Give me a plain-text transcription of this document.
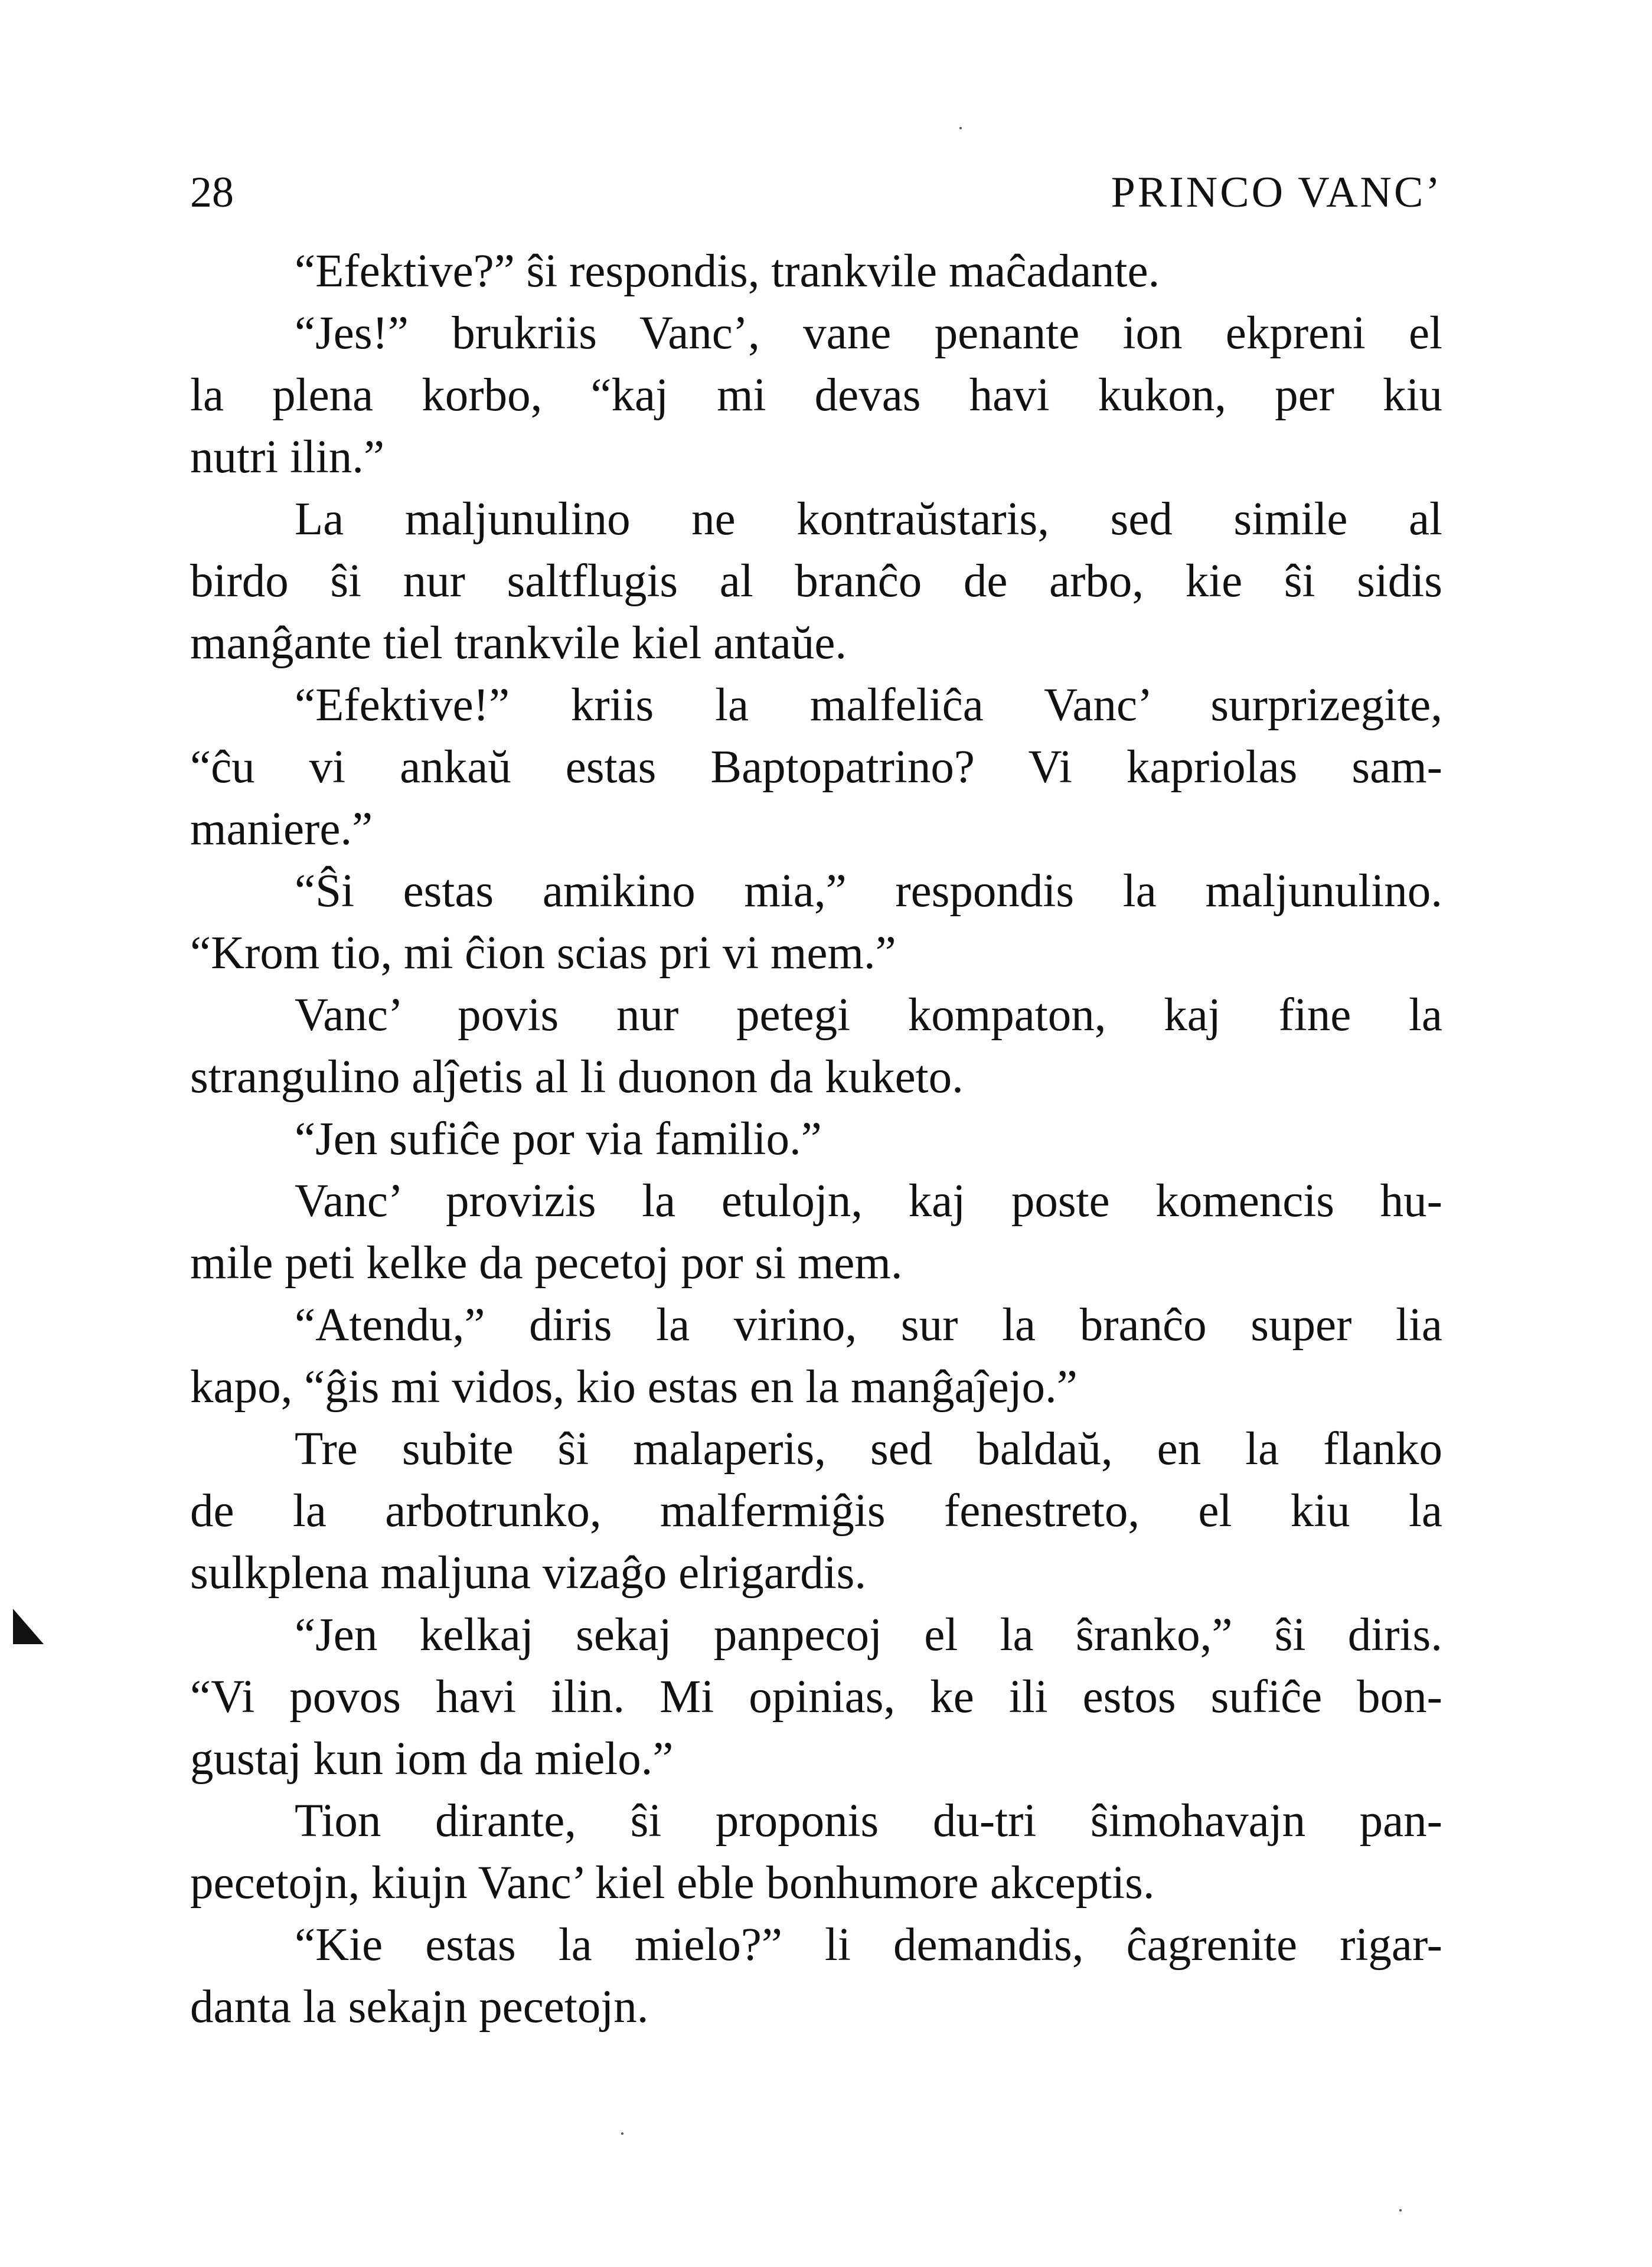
28	PRINCO VANC’
“Efektive?” ŝi respondis, trankvile maĉadante.
“Jes!” brukriis Vanc’, vane penante ion ekpreni el
la plena korbo, “kaj mi devas havi kukon, per kiu
nutri ilin.”
La maljunulino ne kontraŭstaris, sed simile al
birdo ŝi nur saltflugis al branĉo de arbo, kie ŝi sidis
manĝante tiel trankvile kiel antaŭe.
“Efektive!” kriis la malfeliĉa Vanc’ surprizegite,
“ĉu vi ankaŭ estas Baptopatrino? Vi kapriolas sam-
maniere.”
“Ŝi estas amikino mia,” respondis la maljunulino.
“Krom tio, mi ĉion scias pri vi mem.”
Vanc’ povis nur petegi kompaton, kaj fine la
strangulino alĵetis al li duonon da kuketo.
“Jen sufiĉe por via familio.”
Vanc’ provizis la etulojn, kaj poste komencis hu-
mile peti kelke da pecetoj por si mem.
“Atendu,” diris la virino, sur la branĉo super lia
kapo, “ĝis mi vidos, kio estas en la manĝaĵejo.”
Tre subite ŝi malaperis, sed baldaŭ, en la flanko
de la arbotrunko, malfermiĝis fenestreto, el kiu la
sulkplena maljuna vizaĝo elrigardis.
“Jen kelkaj sekaj panpecoj el la ŝranko,” ŝi diris.
“Vi povos havi ilin. Mi opinias, ke ili estos sufiĉe bon-
gustaj kun iom da mielo.”
Tion dirante, ŝi proponis du-tri ŝimohavajn pan-
pecetojn, kiujn Vanc’ kiel eble bonhumore akceptis.
“Kie estas la mielo?” li demandis, ĉagrenite rigar-
danta la sekajn pecetojn.
